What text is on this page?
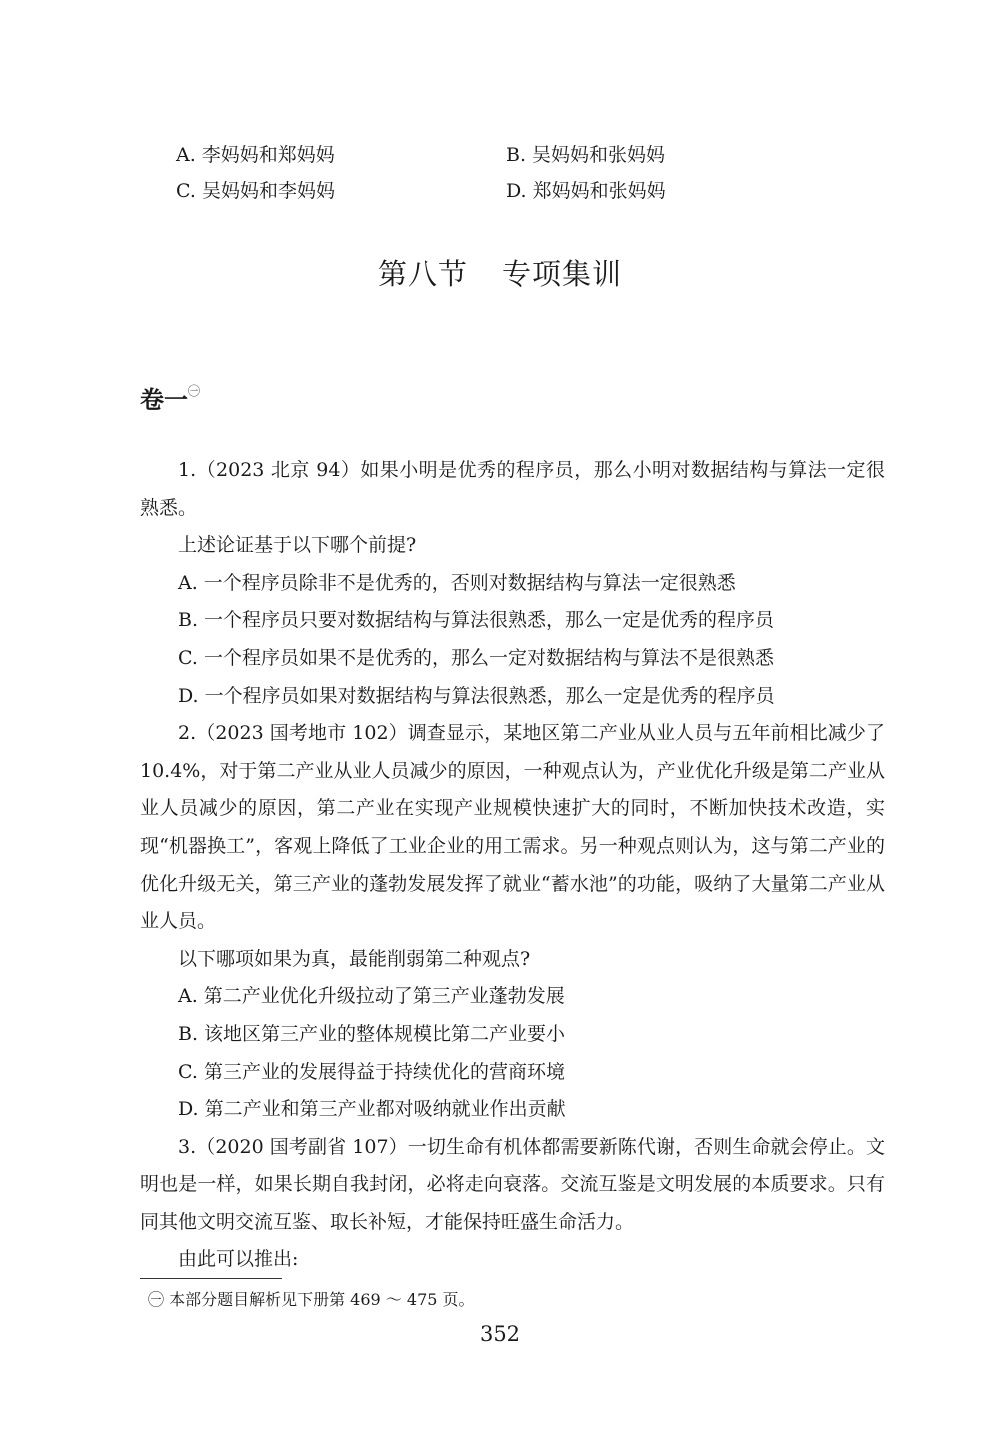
A. 李妈妈和郑妈妈	B. 吴妈妈和张妈妈
C. 吴妈妈和李妈妈	D. 郑妈妈和张妈妈
第八节 专项集训
卷一$^㊀$

1.（2023 北京 94）如果小明是优秀的程序员，那么小明对数据结构与算法一定很熟悉。

上述论证基于以下哪个前提?

A. 一个程序员除非不是优秀的，否则对数据结构与算法一定很熟悉

B. 一个程序员只要对数据结构与算法很熟悉，那么一定是优秀的程序员

C. 一个程序员如果不是优秀的，那么一定对数据结构与算法不是很熟悉

D. 一个程序员如果对数据结构与算法很熟悉，那么一定是优秀的程序员

2.（2023 国考地市 102）调查显示，某地区第二产业从业人员与五年前相比减少了 10.4%，对于第二产业从业人员减少的原因，一种观点认为，产业优化升级是第二产业从业人员减少的原因，第二产业在实现产业规模快速扩大的同时，不断加快技术改造，实现“机器换工”，客观上降低了工业企业的用工需求。另一种观点则认为，这与第二产业的优化升级无关，第三产业的蓬勃发展发挥了就业“蓄水池”的功能，吸纳了大量第二产业从业人员。

以下哪项如果为真，最能削弱第二种观点?

A. 第二产业优化升级拉动了第三产业蓬勃发展

B. 该地区第三产业的整体规模比第二产业要小

C. 第三产业的发展得益于持续优化的营商环境

D. 第二产业和第三产业都对吸纳就业作出贡献

3.（2020 国考副省 107）一切生命有机体都需要新陈代谢，否则生命就会停止。文明也是一样，如果长期自我封闭，必将走向衰落。交流互鉴是文明发展的本质要求。只有同其他文明交流互鉴、取长补短，才能保持旺盛生命活力。

由此可以推出:

㊀ 本部分题目解析见下册第 469 ～ 475 页。
352
